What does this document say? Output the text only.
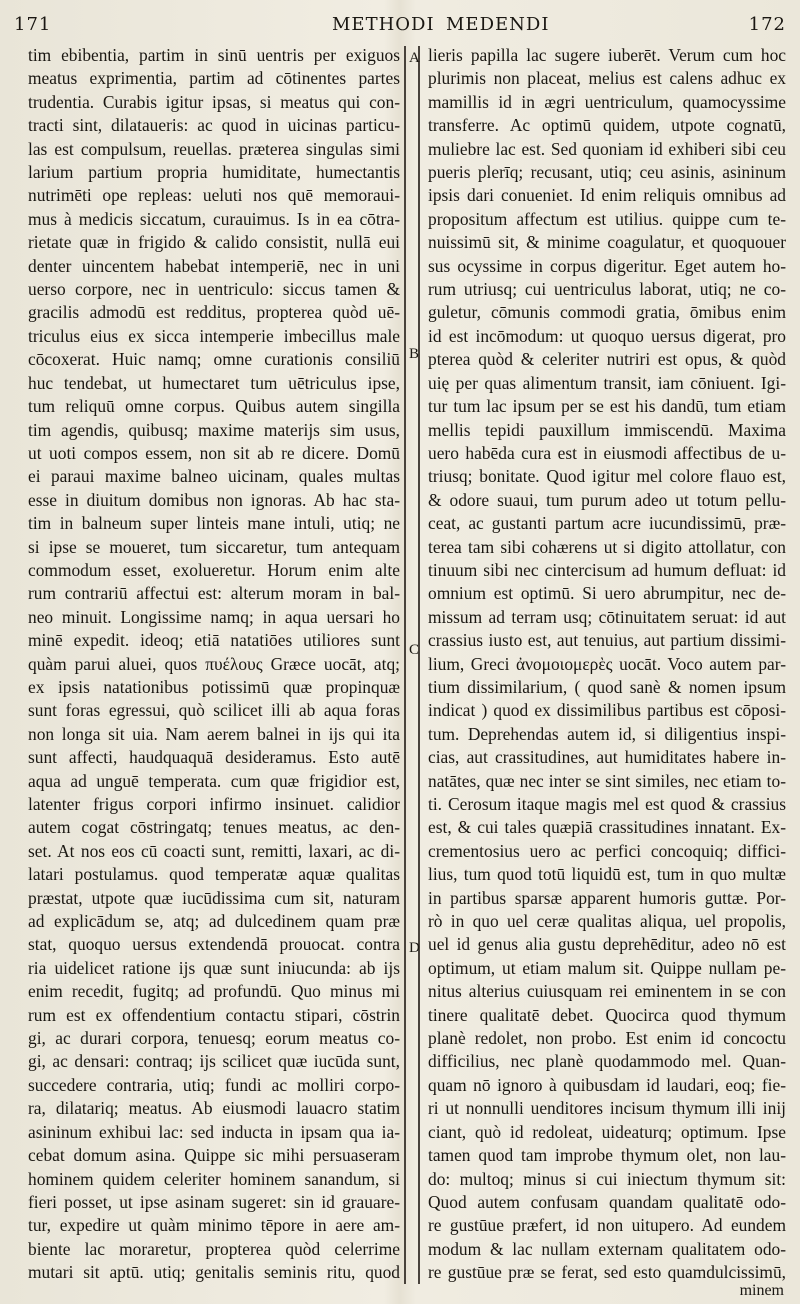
171	METHODI MEDENDI	172
tim ebibentia, partim in sinū uentris per exiguos
meatus exprimentia, partim ad cōtinentes partes
trudentia. Curabis igitur ipsas, si meatus qui con-
tracti sint, dilataueris: ac quod in uicinas particu-
las est compulsum, reuellas. præterea singulas simi
larium partium propria humiditate, humectantis
nutrimēti ope repleas: ueluti nos quē memoraui-
mus à medicis siccatum, curauimus. Is in ea cōtra-
rietate quæ in frigido & calido consistit, nullā eui
denter uincentem habebat intemperiē, nec in uni
uerso corpore, nec in uentriculo: siccus tamen &
gracilis admodū est redditus, propterea quòd uē-
triculus eius ex sicca intemperie imbecillus male
cōcoxerat. Huic namq; omne curationis consiliū
huc tendebat, ut humectaret tum uētriculus ipse,
tum reliquū omne corpus. Quibus autem singilla
tim agendis, quibusq; maxime materijs sim usus,
ut uoti compos essem, non sit ab re dicere. Domū
ei paraui maxime balneo uicinam, quales multas
esse in diuitum domibus non ignoras. Ab hac sta-
tim in balneum super linteis mane intuli, utiq; ne
si ipse se moueret, tum siccaretur, tum antequam
commodum esset, exolueretur. Horum enim alte
rum contrariū affectui est: alterum moram in bal-
neo minuit. Longissime namq; in aqua uersari ho
minē expedit. ideoq; etiā natatiōes utiliores sunt
quàm parui aluei, quos πυέλους Græce uocāt, atq;
ex ipsis natationibus potissimū quæ propinquæ
sunt foras egressui, quò scilicet illi ab aqua foras
non longa sit uia. Nam aerem balnei in ijs qui ita
sunt affecti, haudquaquā desideramus. Esto autē
aqua ad unguē temperata. cum quæ frigidior est,
latenter frigus corpori infirmo insinuet. calidior
autem cogat cōstringatq; tenues meatus, ac den-
set. At nos eos cū coacti sunt, remitti, laxari, ac di-
latari postulamus. quod temperatæ aquæ qualitas
præstat, utpote quæ iucūdissima cum sit, naturam
ad explicādum se, atq; ad dulcedinem quam præ
stat, quoquo uersus extendendā prouocat. contra
ria uidelicet ratione ijs quæ sunt iniucunda: ab ijs
enim recedit, fugitq; ad profundū. Quo minus mi
rum est ex offendentium contactu stipari, cōstrin
gi, ac durari corpora, tenuesq; eorum meatus co-
gi, ac densari: contraq; ijs scilicet quæ iucūda sunt,
succedere contraria, utiq; fundi ac molliri corpo-
ra, dilatariq; meatus. Ab eiusmodi lauacro statim
asininum exhibui lac: sed inducta in ipsam qua ia-
cebat domum asina. Quippe sic mihi persuaseram
hominem quidem celeriter hominem sanandum, si
fieri posset, ut ipse asinam sugeret: sin id grauare-
tur, expedire ut quàm minimo tēpore in aere am-
biente lac moraretur, propterea quòd celerrime
mutari sit aptū. utiq; genitalis seminis ritu, quod
A
B
C
D
lieris papilla lac sugere iuberēt. Verum cum hoc
plurimis non placeat, melius est calens adhuc ex
mamillis id in ægri uentriculum, quamocyssime
transferre. Ac optimū quidem, utpote cognatū,
muliebre lac est. Sed quoniam id exhiberi sibi ceu
pueris plerīq; recusant, utiq; ceu asinis, asininum
ipsis dari conueniet. Id enim reliquis omnibus ad
propositum affectum est utilius. quippe cum te-
nuissimū sit, & minime coagulatur, et quoquouer
sus ocyssime in corpus digeritur. Eget autem ho-
rum utriusq; cui uentriculus laborat, utiq; ne co-
guletur, cōmunis commodi gratia, ōmibus enim
id est incōmodum: ut quoquo uersus digerat, pro
pterea quòd & celeriter nutriri est opus, & quòd
uię per quas alimentum transit, iam cōniuent. Igi-
tur tum lac ipsum per se est his dandū, tum etiam
mellis tepidi pauxillum immiscendū. Maxima
uero habēda cura est in eiusmodi affectibus de u-
triusq; bonitate. Quod igitur mel colore flauo est,
& odore suaui, tum purum adeo ut totum pellu-
ceat, ac gustanti partum acre iucundissimū, præ-
terea tam sibi cohærens ut si digito attollatur, con
tinuum sibi nec cintercisum ad humum defluat: id
omnium est optimū. Si uero abrumpitur, nec de-
missum ad terram usq; cōtinuitatem seruat: id aut
crassius iusto est, aut tenuius, aut partium dissimi-
lium, Greci ἀνομοιομερὲς uocāt. Voco autem par-
tium dissimilarium, ( quod sanè & nomen ipsum
indicat ) quod ex dissimilibus partibus est cōposi-
tum. Deprehendas autem id, si diligentius inspi-
cias, aut crassitudines, aut humiditates habere in-
natātes, quæ nec inter se sint similes, nec etiam to-
ti. Cerosum itaque magis mel est quod & crassius
est, & cui tales quæpiā crassitudines innatant. Ex-
crementosius uero ac perfici concoquiq; diffici-
lius, tum quod totū liquidū est, tum in quo multæ
in partibus sparsæ apparent humoris guttæ. Por-
rò in quo uel ceræ qualitas aliqua, uel propolis,
uel id genus alia gustu deprehēditur, adeo nō est
optimum, ut etiam malum sit. Quippe nullam pe-
nitus alterius cuiusquam rei eminentem in se con
tinere qualitatē debet. Quocirca quod thymum
planè redolet, non probo. Est enim id concoctu
difficilius, nec planè quodammodo mel. Quan-
quam nō ignoro à quibusdam id laudari, eoq; fie-
ri ut nonnulli uenditores incisum thymum illi inij
ciant, quò id redoleat, uideaturq; optimum. Ipse
tamen quod tam improbe thymum olet, non lau-
do: multoq; minus si cui iniectum thymum sit:
Quod autem confusam quandam qualitatē odo-
re gustūue præfert, id non uitupero. Ad eundem
modum & lac nullam externam qualitatem odo-
re gustūue præ se ferat, sed esto quamdulcissimū,
minem
